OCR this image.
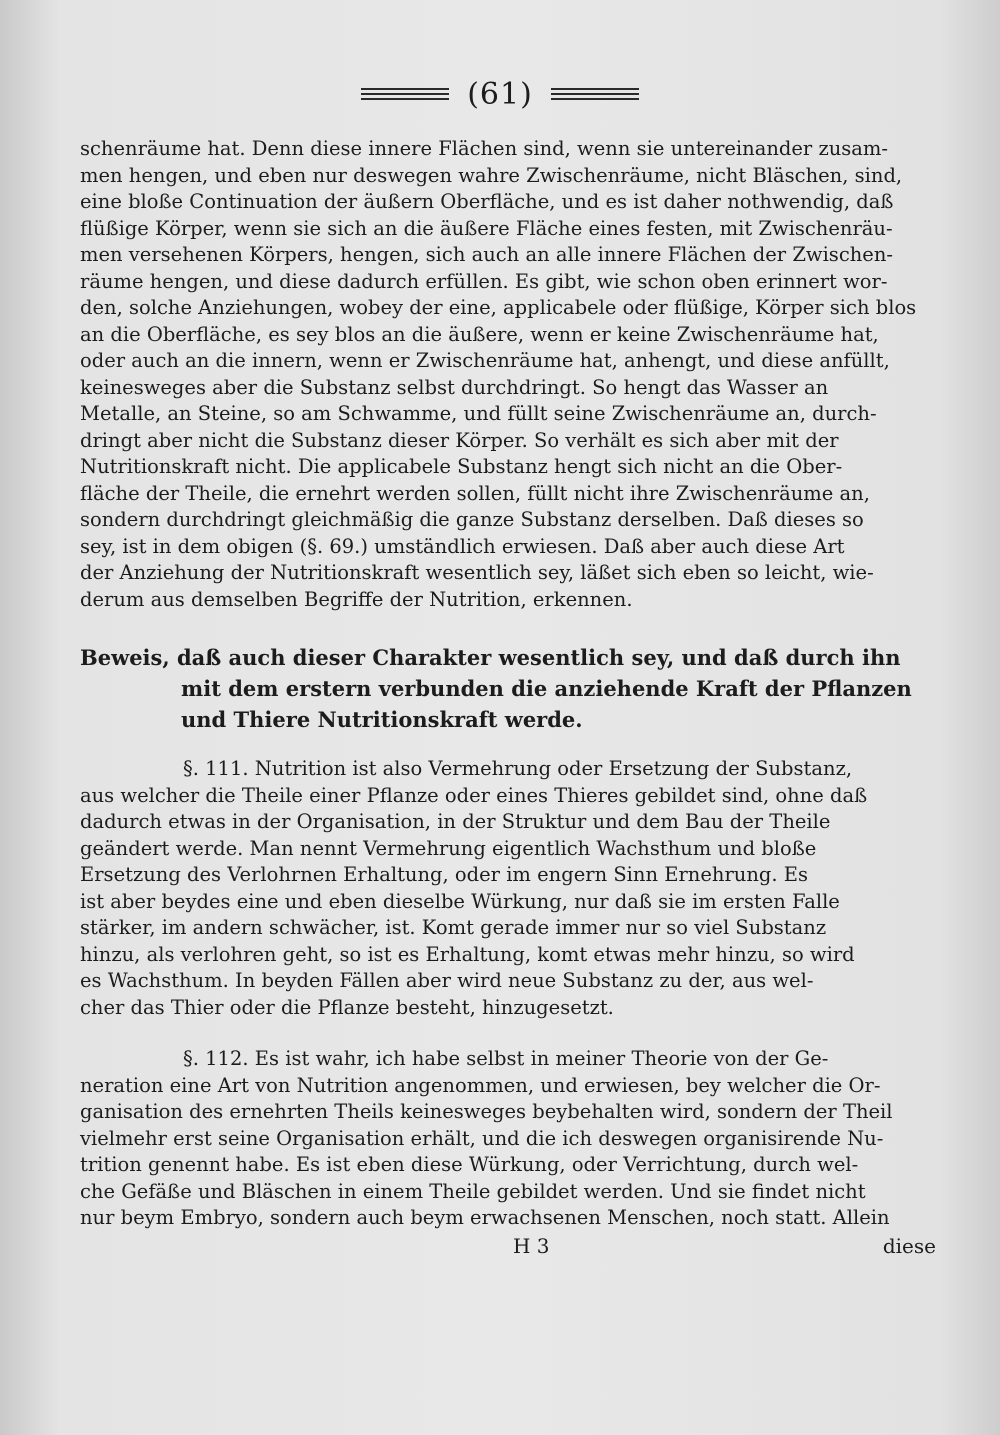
(61)
schenräume hat. Denn diese innere Flächen sind, wenn sie untereinander zusam-
men hengen, und eben nur deswegen wahre Zwischenräume, nicht Bläschen, sind,
eine bloße Continuation der äußern Oberfläche, und es ist daher nothwendig, daß
flüßige Körper, wenn sie sich an die äußere Fläche eines festen, mit Zwischenräu-
men versehenen Körpers, hengen, sich auch an alle innere Flächen der Zwischen-
räume hengen, und diese dadurch erfüllen. Es gibt, wie schon oben erinnert wor-
den, solche Anziehungen, wobey der eine, applicabele oder flüßige, Körper sich blos
an die Oberfläche, es sey blos an die äußere, wenn er keine Zwischenräume hat,
oder auch an die innern, wenn er Zwischenräume hat, anhengt, und diese anfüllt,
keinesweges aber die Substanz selbst durchdringt. So hengt das Wasser an
Metalle, an Steine, so am Schwamme, und füllt seine Zwischenräume an, durch-
dringt aber nicht die Substanz dieser Körper. So verhält es sich aber mit der
Nutritionskraft nicht. Die applicabele Substanz hengt sich nicht an die Ober-
fläche der Theile, die ernehrt werden sollen, füllt nicht ihre Zwischenräume an,
sondern durchdringt gleichmäßig die ganze Substanz derselben. Daß dieses so
sey, ist in dem obigen (§. 69.) umständlich erwiesen. Daß aber auch diese Art
der Anziehung der Nutritionskraft wesentlich sey, läßet sich eben so leicht, wie-
derum aus demselben Begriffe der Nutrition, erkennen.
Beweis, daß auch dieser Charakter wesentlich sey, und daß durch ihn
mit dem erstern verbunden die anziehende Kraft der Pflanzen
und Thiere Nutritionskraft werde.
§. 111. Nutrition ist also Vermehrung oder Ersetzung der Substanz,
aus welcher die Theile einer Pflanze oder eines Thieres gebildet sind, ohne daß
dadurch etwas in der Organisation, in der Struktur und dem Bau der Theile
geändert werde. Man nennt Vermehrung eigentlich Wachsthum und bloße
Ersetzung des Verlohrnen Erhaltung, oder im engern Sinn Ernehrung. Es
ist aber beydes eine und eben dieselbe Würkung, nur daß sie im ersten Falle
stärker, im andern schwächer, ist. Komt gerade immer nur so viel Substanz
hinzu, als verlohren geht, so ist es Erhaltung, komt etwas mehr hinzu, so wird
es Wachsthum. In beyden Fällen aber wird neue Substanz zu der, aus wel-
cher das Thier oder die Pflanze besteht, hinzugesetzt.
§. 112. Es ist wahr, ich habe selbst in meiner Theorie von der Ge-
neration eine Art von Nutrition angenommen, und erwiesen, bey welcher die Or-
ganisation des ernehrten Theils keinesweges beybehalten wird, sondern der Theil
vielmehr erst seine Organisation erhält, und die ich deswegen organisirende Nu-
trition genennt habe. Es ist eben diese Würkung, oder Verrichtung, durch wel-
che Gefäße und Bläschen in einem Theile gebildet werden. Und sie findet nicht
nur beym Embryo, sondern auch beym erwachsenen Menschen, noch statt. Allein
H 3	diese
